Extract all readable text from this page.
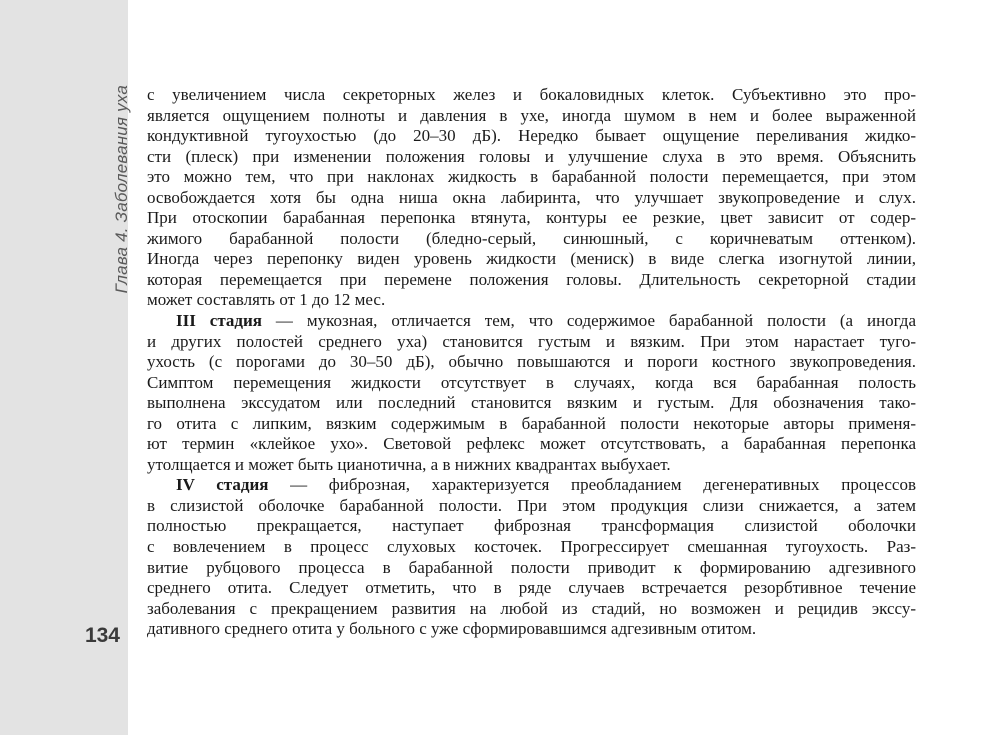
Глава 4. Заболевания уха
134
с увеличением числа секреторных желез и бокаловидных клеток. Субъективно это про-
является ощущением полноты и давления в ухе, иногда шумом в нем и более выраженной
кондуктивной тугоухостью (до 20–30 дБ). Нередко бывает ощущение переливания жидко-
сти (плеск) при изменении положения головы и улучшение слуха в это время. Объяснить
это можно тем, что при наклонах жидкость в барабанной полости перемещается, при этом
освобождается хотя бы одна ниша окна лабиринта, что улучшает звукопроведение и слух.
При отоскопии барабанная перепонка втянута, контуры ее резкие, цвет зависит от содер-
жимого барабанной полости (бледно-серый, синюшный, с коричневатым оттенком).
Иногда через перепонку виден уровень жидкости (мениск) в виде слегка изогнутой линии,
которая перемещается при перемене положения головы. Длительность секреторной стадии
может составлять от 1 до 12 мес.
III стадия — мукозная, отличается тем, что содержимое барабанной полости (а иногда
и других полостей среднего уха) становится густым и вязким. При этом нарастает туго-
ухость (с порогами до 30–50 дБ), обычно повышаются и пороги костного звукопроведения.
Симптом перемещения жидкости отсутствует в случаях, когда вся барабанная полость
выполнена экссудатом или последний становится вязким и густым. Для обозначения тако-
го отита с липким, вязким содержимым в барабанной полости некоторые авторы применя-
ют термин «клейкое ухо». Световой рефлекс может отсутствовать, а барабанная перепонка
утолщается и может быть цианотична, а в нижних квадрантах выбухает.
IV стадия — фиброзная, характеризуется преобладанием дегенеративных процессов
в слизистой оболочке барабанной полости. При этом продукция слизи снижается, а затем
полностью прекращается, наступает фиброзная трансформация слизистой оболочки
с вовлечением в процесс слуховых косточек. Прогрессирует смешанная тугоухость. Раз-
витие рубцового процесса в барабанной полости приводит к формированию адгезивного
среднего отита. Следует отметить, что в ряде случаев встречается резорбтивное течение
заболевания с прекращением развития на любой из стадий, но возможен и рецидив экссу-
дативного среднего отита у больного с уже сформировавшимся адгезивным отитом.
